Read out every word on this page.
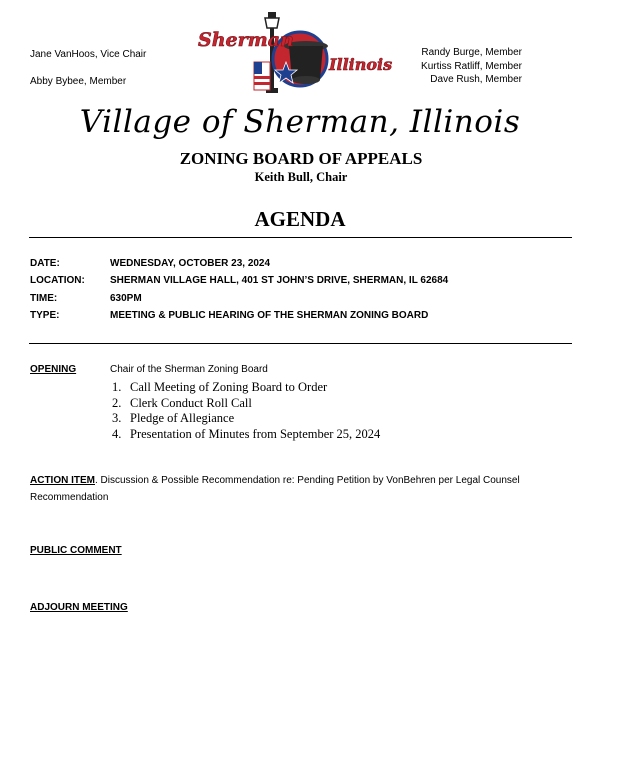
Jane VanHoos, Vice Chair
Abby Bybee, Member
Randy Burge, Member
Kurtiss Ratliff, Member
Dave Rush, Member
Sherman
Illinois
Village of Sherman, Illinois
ZONING BOARD OF APPEALS
Keith Bull, Chair
AGENDA
DATE:	WEDNESDAY, OCTOBER 23, 2024
LOCATION:	SHERMAN VILLAGE HALL, 401 ST JOHN’S DRIVE, SHERMAN, IL 62684
TIME:	630PM
TYPE:	MEETING & PUBLIC HEARING OF THE SHERMAN ZONING BOARD
OPENING	Chair of the Sherman Zoning Board
1. Call Meeting of Zoning Board to Order
2. Clerk Conduct Roll Call
3. Pledge of Allegiance
4. Presentation of Minutes from September 25, 2024
ACTION ITEM. Discussion & Possible Recommendation re: Pending Petition by VonBehren per Legal Counsel Recommendation
PUBLIC COMMENT
ADJOURN MEETING
